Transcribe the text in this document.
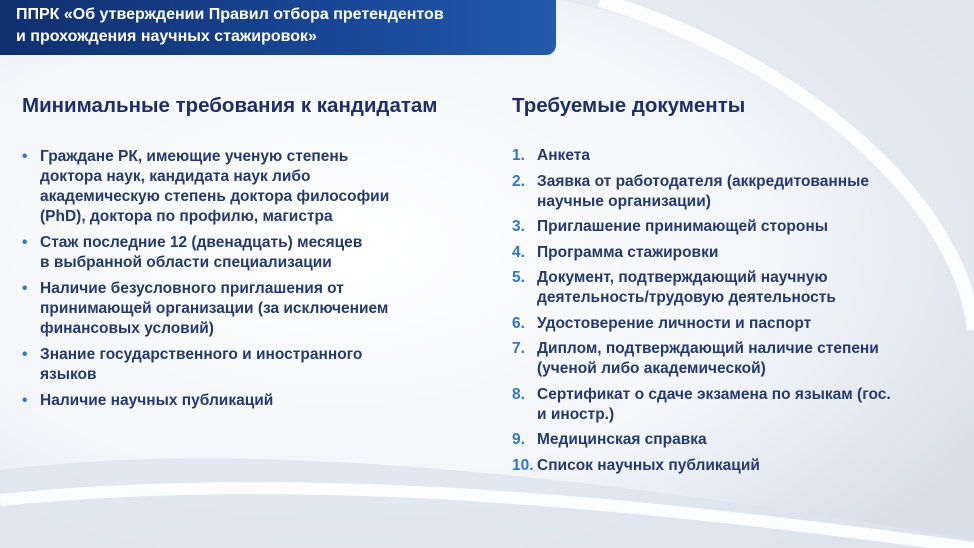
ППРК «Об утверждении Правил отбора претендентов
и прохождения научных стажировок»
Минимальные требования к кандидатам	Требуемые документы
• Граждане РК, имеющие ученую степень
доктора наук, кандидата наук либо
академическую степень доктора философии
(PhD), доктора по профилю, магистра
• Стаж последние 12 (двенадцать) месяцев
в выбранной области специализации
• Наличие безусловного приглашения от
принимающей организации (за исключением
финансовых условий)
• Знание государственного и иностранного
языков
• Наличие научных публикаций
1. Анкета
2. Заявка от работодателя (аккредитованные
научные организации)
3. Приглашение принимающей стороны
4. Программа стажировки
5. Документ, подтверждающий научную
деятельность/трудовую деятельность
6. Удостоверение личности и паспорт
7. Диплом, подтверждающий наличие степени
(ученой либо академической)
8. Сертификат о сдаче экзамена по языкам (гос.
и иностр.)
9. Медицинская справка
10. Список научных публикаций
